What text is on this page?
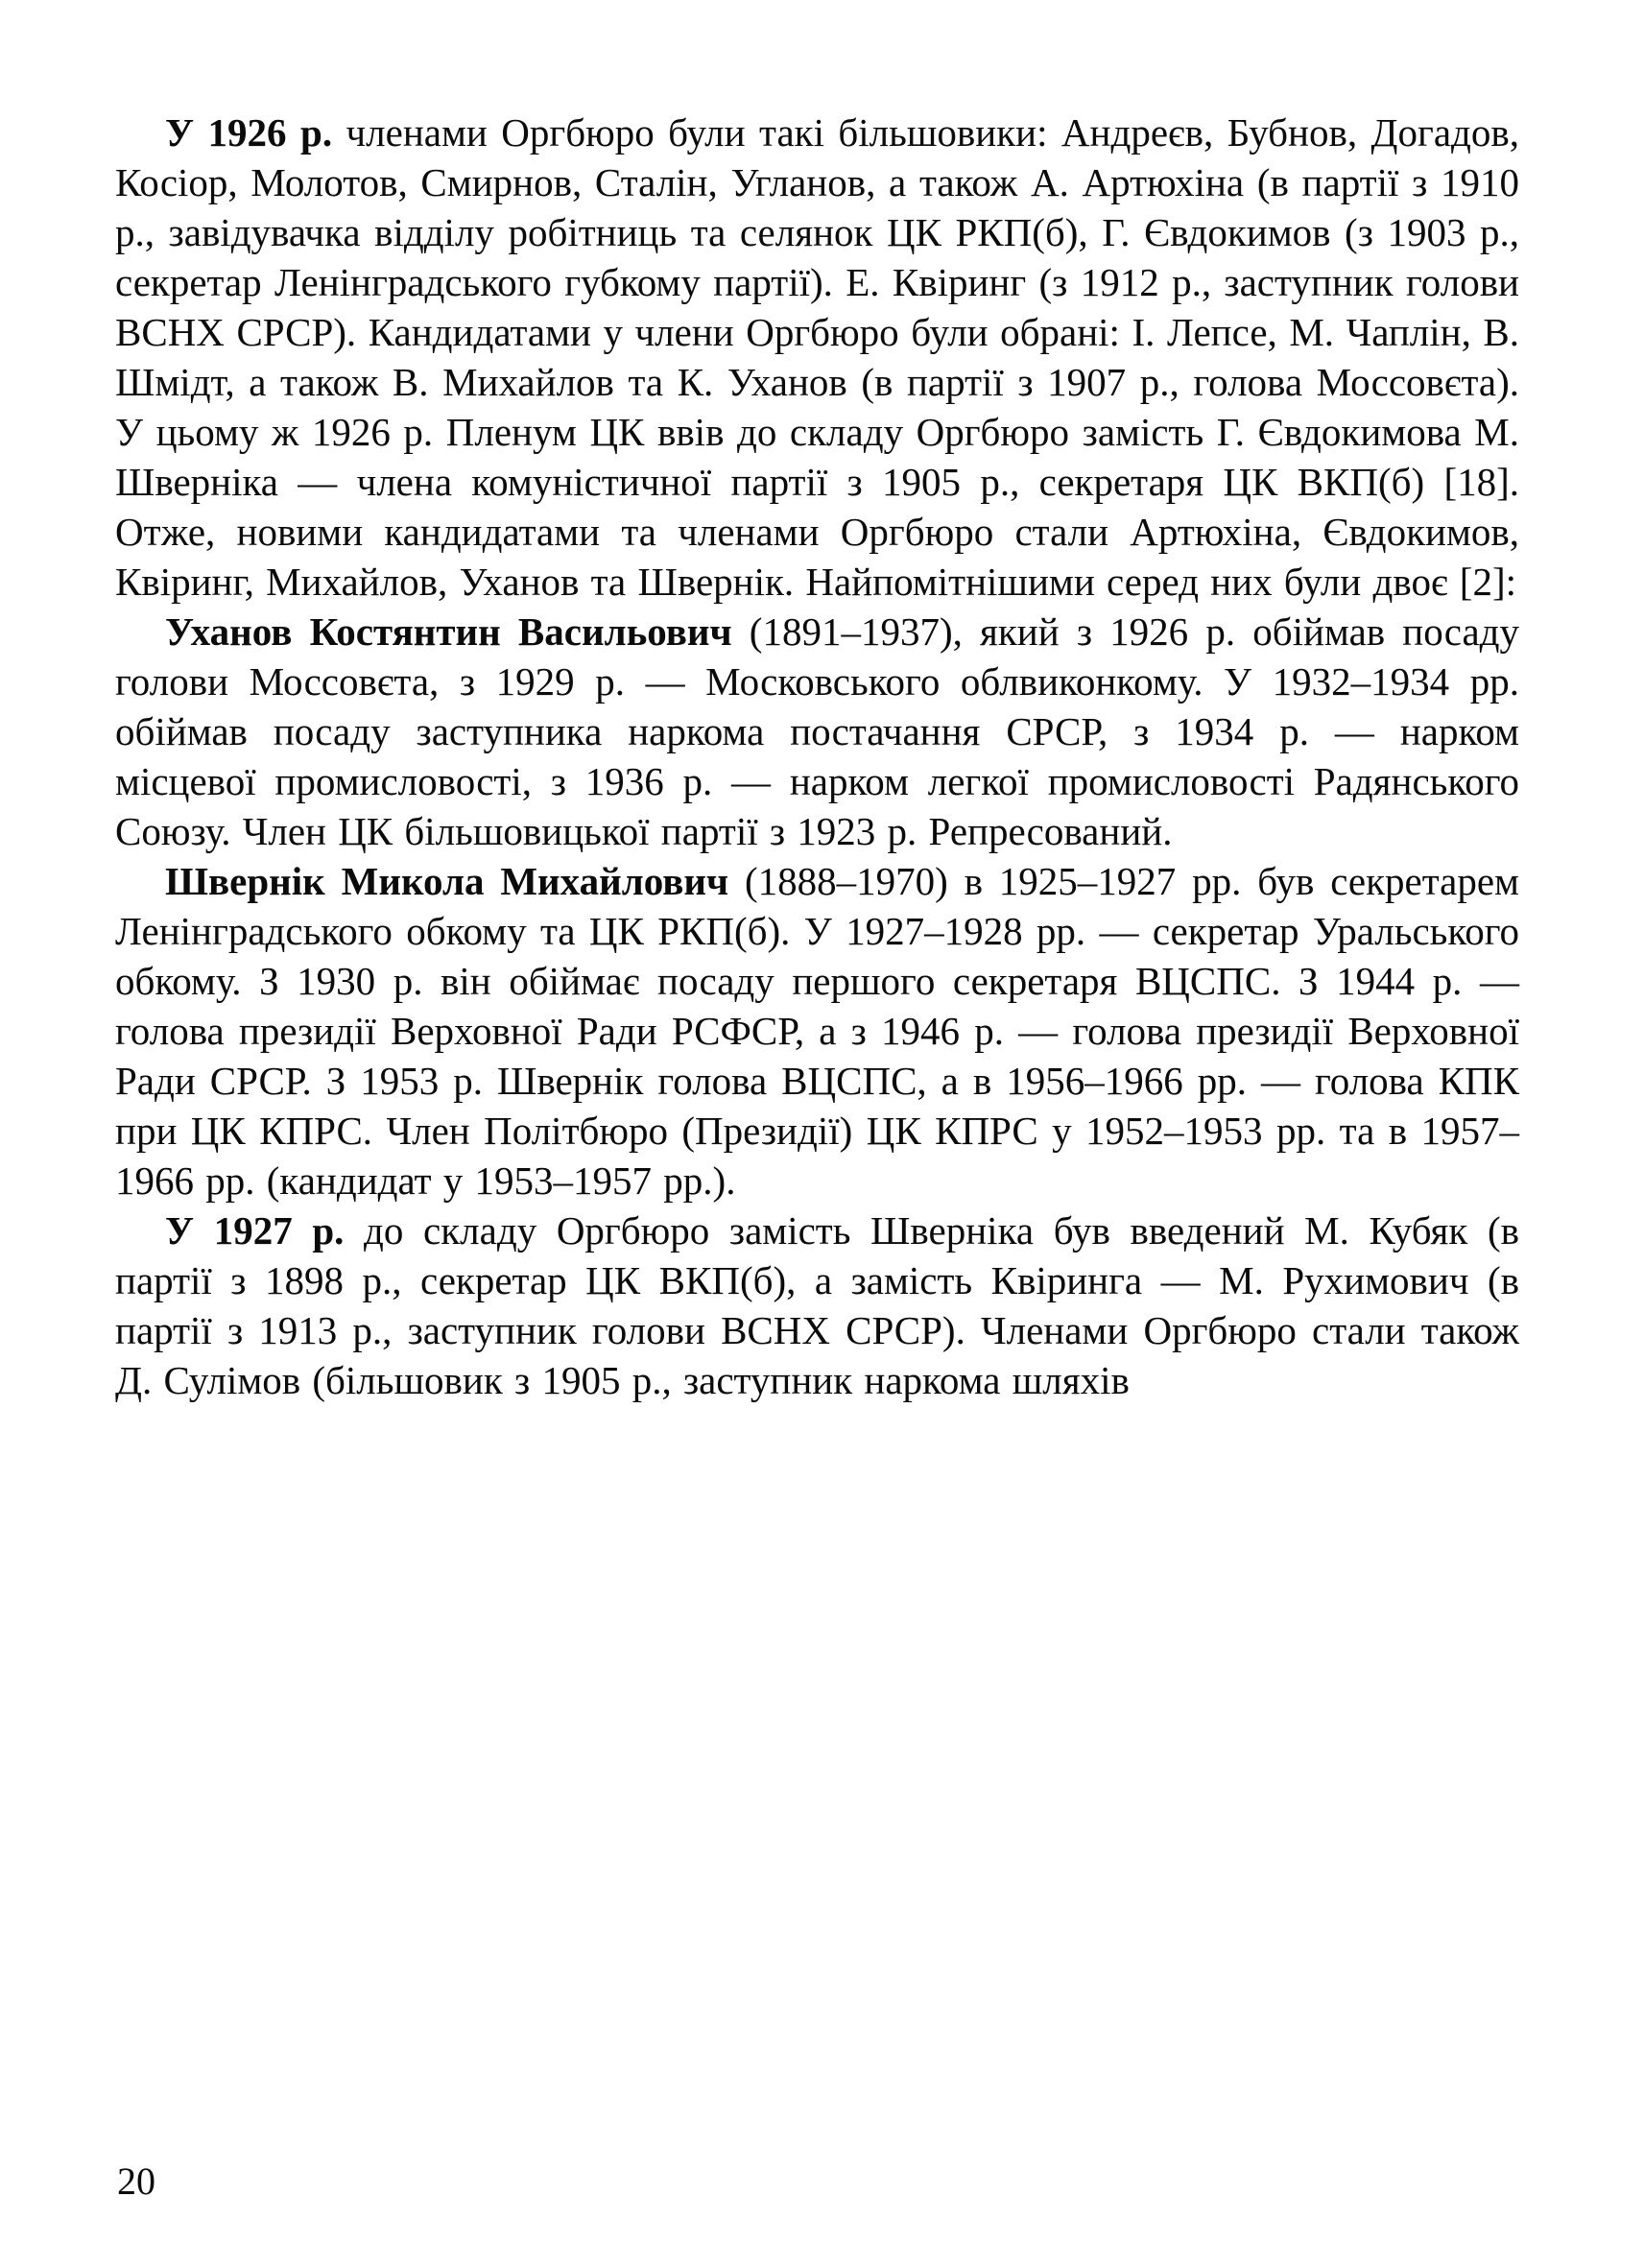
У 1926 р. членами Оргбюро були такі більшовики: Андреєв, Бубнов, Догадов, Косіор, Молотов, Смирнов, Сталін, Угланов, а також А. Артюхіна (в партії з 1910 р., завідувачка відділу робітниць та селянок ЦК РКП(б), Г. Євдокимов (з 1903 р., секретар Ленінградського губкому партії). Е. Квіринг (з 1912 р., заступник голови ВСНХ СРСР). Кандидатами у члени Оргбюро були обрані: І. Лепсе, М. Чаплін, В. Шмідт, а також В. Михайлов та К. Уханов (в партії з 1907 р., голова Моссовєта). У цьому ж 1926 р. Пленум ЦК ввів до складу Оргбюро замість Г. Євдокимова М. Шверніка — члена комуністичної партії з 1905 р., секретаря ЦК ВКП(б) [18]. Отже, новими кандидатами та членами Оргбюро стали Артюхіна, Євдокимов, Квіринг, Михайлов, Уханов та Швернік. Найпомітнішими серед них були двоє [2]:

Уханов Костянтин Васильович (1891–1937), який з 1926 р. обіймав посаду голови Моссовєта, з 1929 р. — Московського облвиконкому. У 1932–1934 рр. обіймав посаду заступника наркома постачання СРСР, з 1934 р. — нарком місцевої промисловості, з 1936 р. — нарком легкої промисловості Радянського Союзу. Член ЦК більшовицької партії з 1923 р. Репресований.

Швернік Микола Михайлович (1888–1970) в 1925–1927 рр. був секретарем Ленінградського обкому та ЦК РКП(б). У 1927–1928 рр. — секретар Уральського обкому. З 1930 р. він обіймає посаду першого секретаря ВЦСПС. З 1944 р. — голова президії Верховної Ради РСФСР, а з 1946 р. — голова президії Верховної Ради СРСР. З 1953 р. Швернік голова ВЦСПС, а в 1956–1966 рр. — голова КПК при ЦК КПРС. Член Політбюро (Президії) ЦК КПРС у 1952–1953 рр. та в 1957–1966 рр. (кандидат у 1953–1957 рр.).

У 1927 р. до складу Оргбюро замість Шверніка був введений М. Кубяк (в партії з 1898 р., секретар ЦК ВКП(б), а замість Квіринга — М. Рухимович (в партії з 1913 р., заступник голови ВСНХ СРСР). Членами Оргбюро стали також Д. Сулімов (більшовик з 1905 р., заступник наркома шляхів

20
